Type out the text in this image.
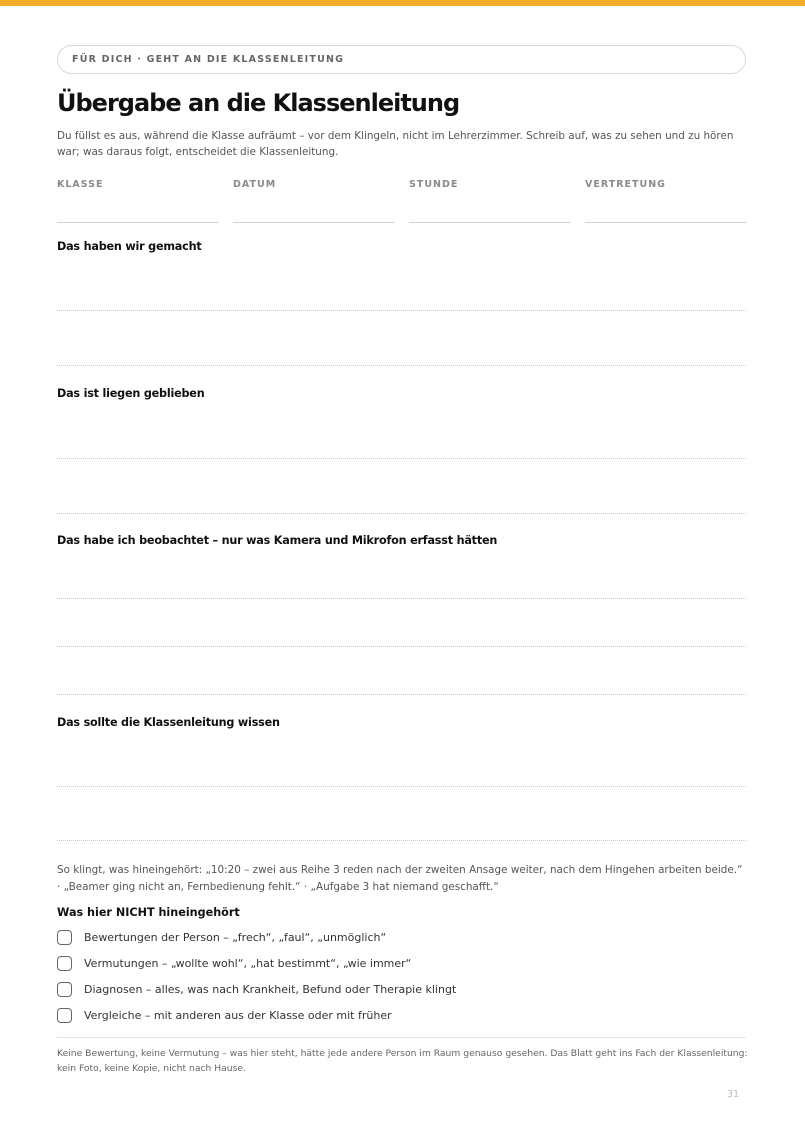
FÜR DICH · GEHT AN DIE KLASSENLEITUNG
Übergabe an die Klassenleitung

Du füllst es aus, während die Klasse aufräumt – vor dem Klingeln, nicht im Lehrerzimmer. Schreib auf, was zu sehen und zu hören war; was daraus folgt, entscheidet die Klassenleitung.

KLASSE	DATUM	STUNDE	VERTRETUNG
Das haben wir gemacht
Das ist liegen geblieben
Das habe ich beobachtet – nur was Kamera und Mikrofon erfasst hätten
Das sollte die Klassenleitung wissen

So klingt, was hineingehört: „10:20 – zwei aus Reihe 3 reden nach der zweiten Ansage weiter, nach dem Hingehen arbeiten beide.“ · „Beamer ging nicht an, Fernbedienung fehlt.“ · „Aufgabe 3 hat niemand geschafft.“

Was hier NICHT hineingehört
Bewertungen der Person – „frech“, „faul“, „unmöglich“
Vermutungen – „wollte wohl“, „hat bestimmt“, „wie immer“
Diagnosen – alles, was nach Krankheit, Befund oder Therapie klingt
Vergleiche – mit anderen aus der Klasse oder mit früher

Keine Bewertung, keine Vermutung – was hier steht, hätte jede andere Person im Raum genauso gesehen. Das Blatt geht ins Fach der Klassenleitung: kein Foto, keine Kopie, nicht nach Hause.

31
